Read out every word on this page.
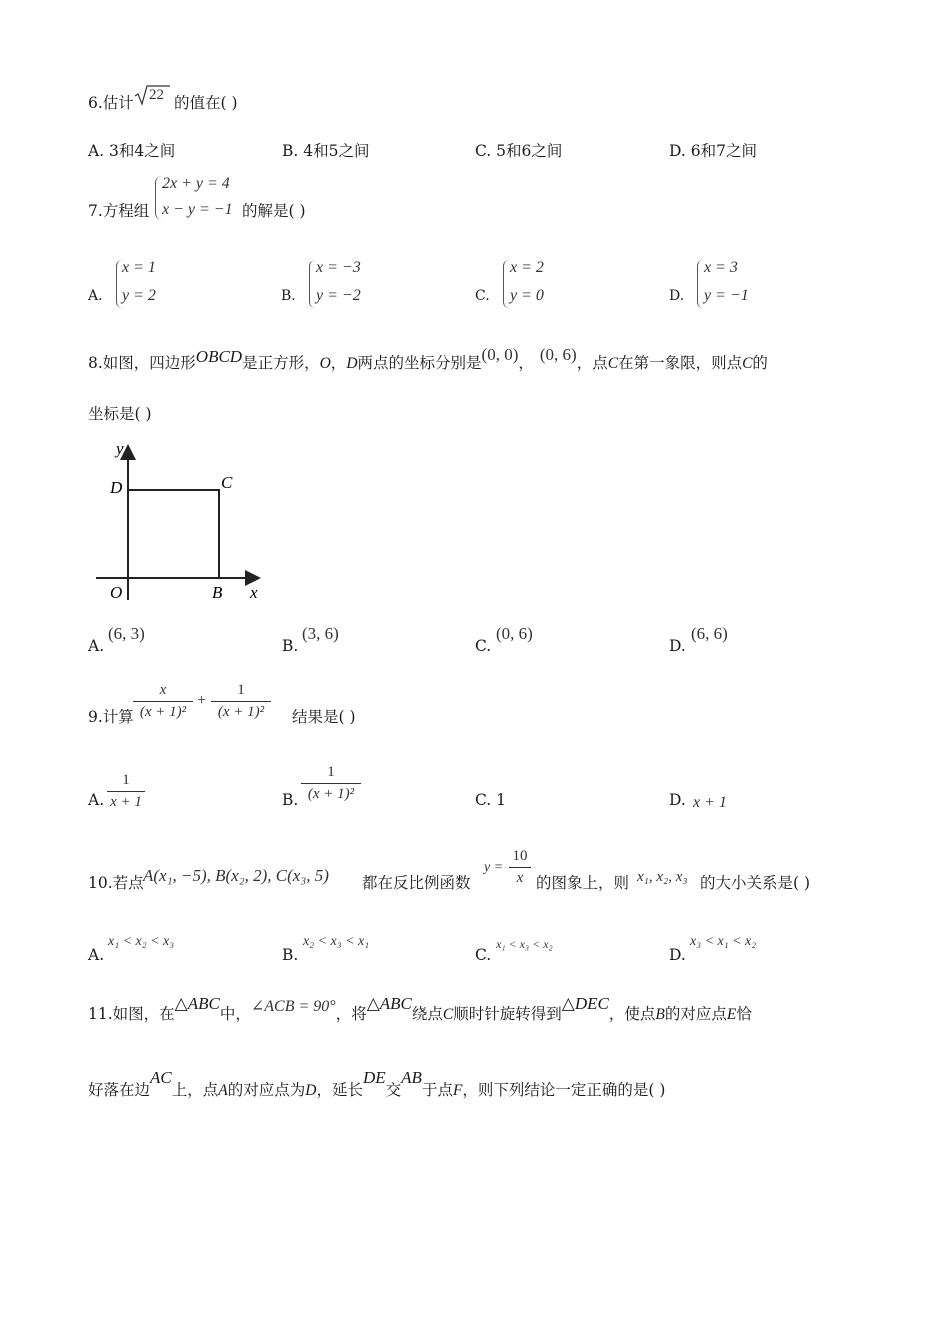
6.估计 22 的值在( )
A. 3和4之间	B. 4和5之间	C. 5和6之间	D. 6和7之间
7.方程组
2x + y = 4
x − y = −1 的解是( )
A.
x = 1
y = 2	B.
x = −3
y = −2	C.
x = 2
y = 0	D.
x = 3
y = −1
8.如图，四边形OBCD是正方形，O，D两点的坐标分别是(0, 0)， (0, 6)，点C在第一象限，则点C的
坐标是( )
y
x
D	C
O	B
A.
(6, 3)
B.
(3, 6)
C.
(0, 6)
D.
(6, 6)
9.计算 $\frac{x}{\text{(x + 1)²}} + \frac{1}{\text{(x + 1)²}}$ 结果是( )
A. $\frac{1}{x + 1}$	B. $\frac{1}{\text{(x + 1)²}}$	C. 1	D. x + 1
10.若点 A(x₁, −5), B(x₂, 2), C(x₃, 5) 都在反比例函数
$y = \frac{10}{x}$ 的图象上，则 x₁, x₂, x₃ 的大小关系是( )
A.
x₁ < x₂ < x₃
B.
x₂ < x₃ < x₁
C.
x₁ < x₃ < x₂
D.
x₃ < x₁ < x₂
11.如图，在△ABC中，∠ACB = 90°，将△ABC绕点C顺时针旋转得到△DEC，使点B的对应点E恰
好落在边AC上，点A的对应点为D，延长DE交AB于点F，则下列结论一定正确的是( )
